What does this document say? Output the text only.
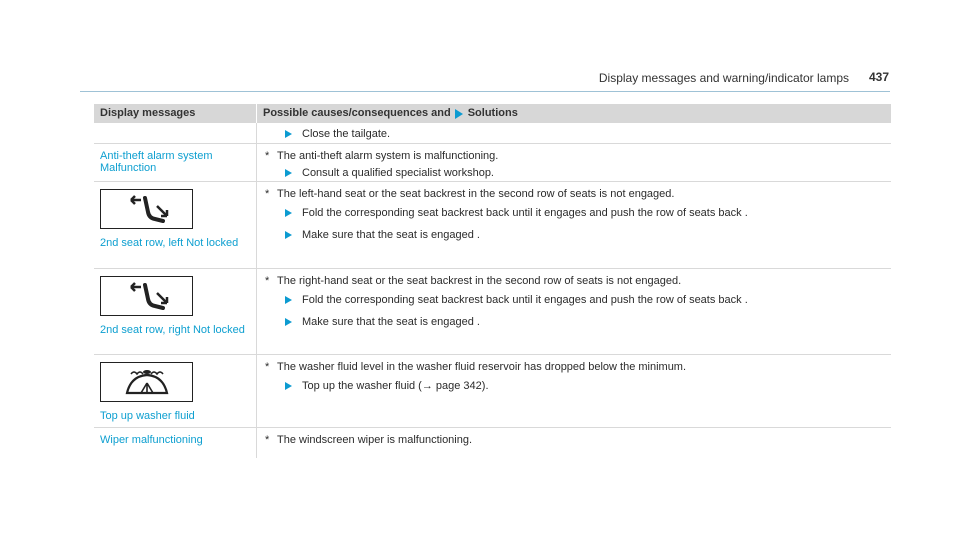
Display messages and warning/indicator lamps 437
Display messages	Possible causes/consequences and Solutions
Close the tailgate.
Anti-theft alarm system Malfunction
* The anti-theft alarm system is malfunctioning.
Consult a qualified specialist workshop.
2nd seat row, left Not locked
* The left-hand seat or the seat backrest in the second row of seats is not engaged.
Fold the corresponding seat backrest back until it engages and push the row of seats back .
Make sure that the seat is engaged .
2nd seat row, right Not locked
* The right-hand seat or the seat backrest in the second row of seats is not engaged.
Fold the corresponding seat backrest back until it engages and push the row of seats back .
Make sure that the seat is engaged .
Top up washer fluid
* The washer fluid level in the washer fluid reservoir has dropped below the minimum.
Top up the washer fluid (→ page 342).
Wiper malfunctioning	* The windscreen wiper is malfunctioning.
